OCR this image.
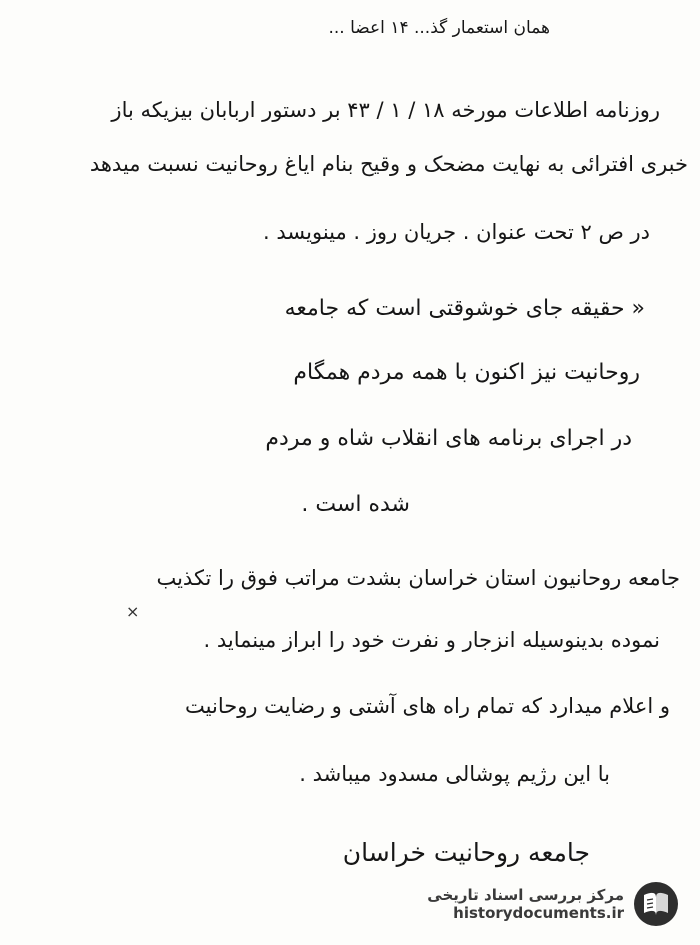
همان استعمار گذ... ۱۴ اعضا ...
روزنامه اطلاعات مورخه ۱۸ / ۱ / ۴۳ بر دستور اربابان بیزیکه باز
خبری افترائی به نهایت مضحک و وقیح بنام ایاغ روحانیت نسبت میدهد
در ص ۲ تحت عنوان . جریان روز . مینویسد .
« حقیقه جای خوشوقتی است که جامعه
روحانیت نیز اکنون با همه مردم همگام
در اجرای برنامه های انقلاب شاه و مردم
شده است .
جامعه روحانیون استان خراسان بشدت مراتب فوق را تکذیب
نموده بدینوسیله انزجار و نفرت خود را ابراز مینماید .
و اعلام میدارد که تمام راه های آشتی و رضایت روحانیت
با این رژیم پوشالی مسدود میباشد .
جامعه روحانیت خراسان
×
مرکز بررسی اسناد تاریخی
historydocuments.ir
